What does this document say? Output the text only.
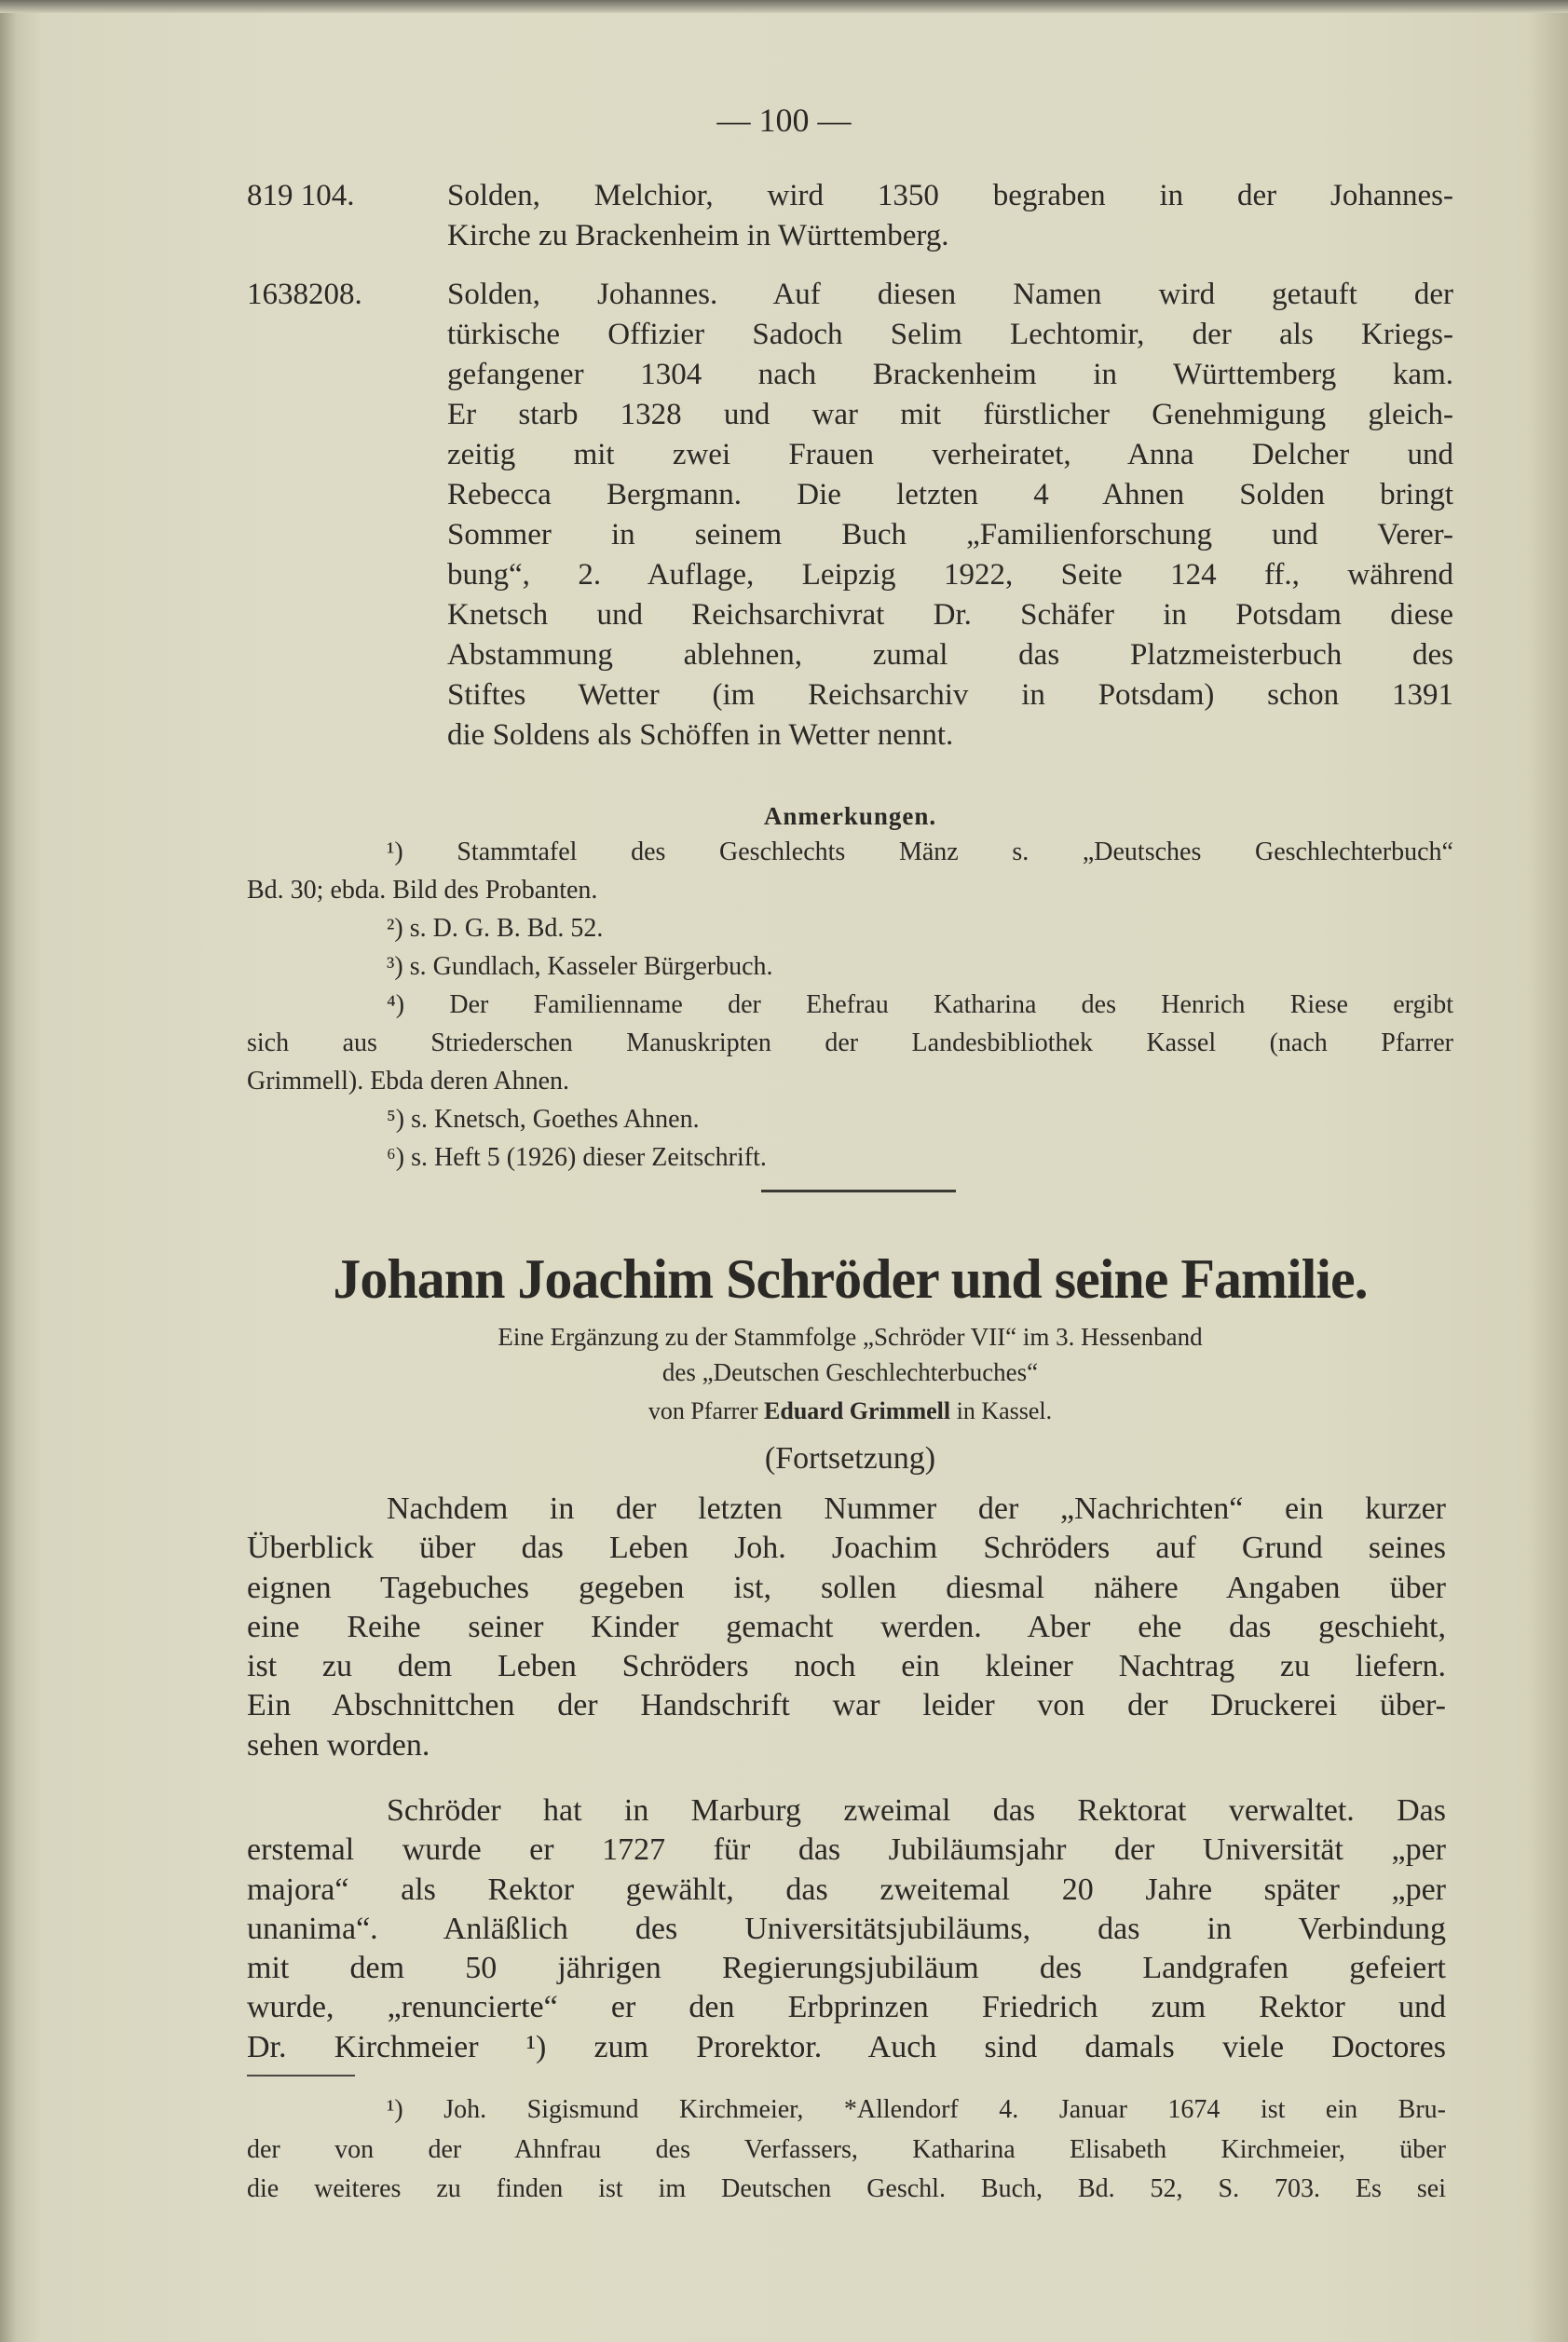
— 100 —
819 104.	Solden, Melchior, wird 1350 begraben in der Johannes-
Kirche zu Brackenheim in Württemberg.
1638208.	Solden, Johannes. Auf diesen Namen wird getauft der
türkische Offizier Sadoch Selim Lechtomir, der als Kriegs-
gefangener 1304 nach Brackenheim in Württemberg kam.
Er starb 1328 und war mit fürstlicher Genehmigung gleich-
zeitig mit zwei Frauen verheiratet, Anna Delcher und
Rebecca Bergmann. Die letzten 4 Ahnen Solden bringt
Sommer in seinem Buch „Familienforschung und Verer-
bung“, 2. Auflage, Leipzig 1922, Seite 124 ff., während
Knetsch und Reichsarchivrat Dr. Schäfer in Potsdam diese
Abstammung ablehnen, zumal das Platzmeisterbuch des
Stiftes Wetter (im Reichsarchiv in Potsdam) schon 1391
die Soldens als Schöffen in Wetter nennt.
Anmerkungen.
¹) Stammtafel des Geschlechts Mänz s. „Deutsches Geschlechterbuch“
Bd. 30; ebda. Bild des Probanten.
²) s. D. G. B. Bd. 52.
³) s. Gundlach, Kasseler Bürgerbuch.
⁴) Der Familienname der Ehefrau Katharina des Henrich Riese ergibt
sich aus Striederschen Manuskripten der Landesbibliothek Kassel (nach Pfarrer
Grimmell). Ebda deren Ahnen.
⁵) s. Knetsch, Goethes Ahnen.
⁶) s. Heft 5 (1926) dieser Zeitschrift.
Johann Joachim Schröder und seine Familie.
Eine Ergänzung zu der Stammfolge „Schröder VII“ im 3. Hessenband
des „Deutschen Geschlechterbuches“
von Pfarrer Eduard Grimmell in Kassel.
(Fortsetzung)
Nachdem in der letzten Nummer der „Nachrichten“ ein kurzer
Überblick über das Leben Joh. Joachim Schröders auf Grund seines
eignen Tagebuches gegeben ist, sollen diesmal nähere Angaben über
eine Reihe seiner Kinder gemacht werden. Aber ehe das geschieht,
ist zu dem Leben Schröders noch ein kleiner Nachtrag zu liefern.
Ein Abschnittchen der Handschrift war leider von der Druckerei über-
sehen worden.
Schröder hat in Marburg zweimal das Rektorat verwaltet. Das
erstemal wurde er 1727 für das Jubiläumsjahr der Universität „per
majora“ als Rektor gewählt, das zweitemal 20 Jahre später „per
unanima“. Anläßlich des Universitätsjubiläums, das in Verbindung
mit dem 50 jährigen Regierungsjubiläum des Landgrafen gefeiert
wurde, „renuncierte“ er den Erbprinzen Friedrich zum Rektor und
Dr. Kirchmeier ¹) zum Prorektor. Auch sind damals viele Doctores
¹) Joh. Sigismund Kirchmeier, *Allendorf 4. Januar 1674 ist ein Bru-
der von der Ahnfrau des Verfassers, Katharina Elisabeth Kirchmeier, über
die weiteres zu finden ist im Deutschen Geschl. Buch, Bd. 52, S. 703. Es sei
